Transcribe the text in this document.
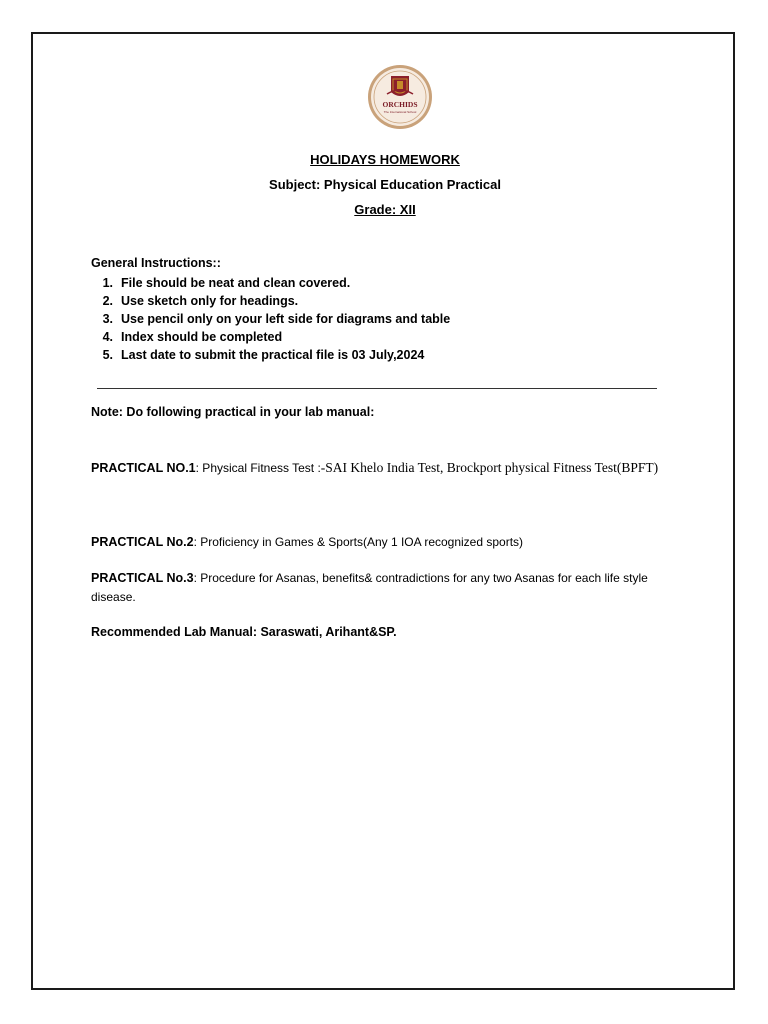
ORCHIDS
The International School
HOLIDAYS HOMEWORK
Subject: Physical Education Practical
Grade: XII
General Instructions::
1. File should be neat and clean covered.
2. Use sketch only for headings.
3. Use pencil only on your left side for diagrams and table
4. Index should be completed
5. Last date to submit the practical file is 03 July,2024
Note: Do following practical in your lab manual:
PRACTICAL NO.1: Physical Fitness Test :-SAI Khelo India Test, Brockport physical Fitness Test(BPFT)
PRACTICAL No.2: Proficiency in Games & Sports(Any 1 IOA recognized sports)
PRACTICAL No.3: Procedure for Asanas, benefits& contradictions for any two Asanas for each life style disease.
Recommended Lab Manual: Saraswati, Arihant&SP.
